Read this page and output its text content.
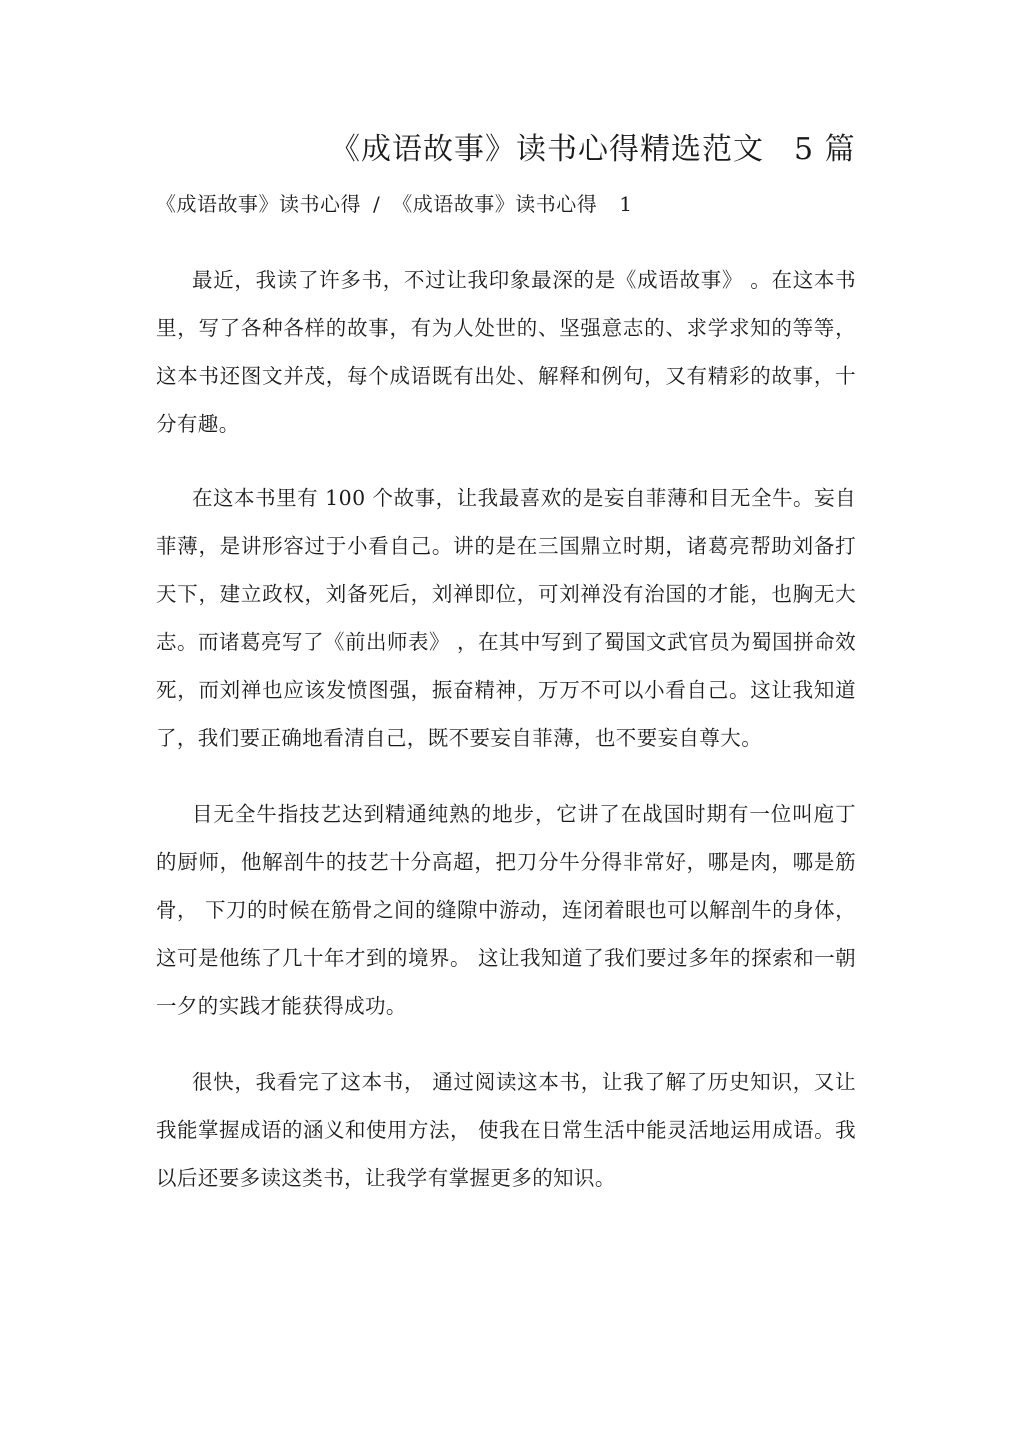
《成语故事》读书心得精选范文 5 篇
《成语故事》读书心得 / 《成语故事》读书心得 1

最近，我读了许多书，不过让我印象最深的是《成语故事》 。在这本书里，写了各种各样的故事，有为人处世的、坚强意志的、求学求知的等等，这本书还图文并茂，每个成语既有出处、解释和例句，又有精彩的故事，十分有趣。

在这本书里有 100 个故事，让我最喜欢的是妄自菲薄和目无全牛。妄自菲薄，是讲形容过于小看自己。讲的是在三国鼎立时期，诸葛亮帮助刘备打天下，建立政权，刘备死后，刘禅即位，可刘禅没有治国的才能，也胸无大志。而诸葛亮写了《前出师表》 ，在其中写到了蜀国文武官员为蜀国拼命效死，而刘禅也应该发愤图强，振奋精神，万万不可以小看自己。这让我知道了，我们要正确地看清自己，既不要妄自菲薄，也不要妄自尊大。

目无全牛指技艺达到精通纯熟的地步，它讲了在战国时期有一位叫庖丁的厨师，他解剖牛的技艺十分高超，把刀分牛分得非常好，哪是肉，哪是筋骨， 下刀的时候在筋骨之间的缝隙中游动，连闭着眼也可以解剖牛的身体， 这可是他练了几十年才到的境界。 这让我知道了我们要过多年的探索和一朝一夕的实践才能获得成功。

很快，我看完了这本书， 通过阅读这本书，让我了解了历史知识，又让我能掌握成语的涵义和使用方法， 使我在日常生活中能灵活地运用成语。我以后还要多读这类书，让我学有掌握更多的知识。
